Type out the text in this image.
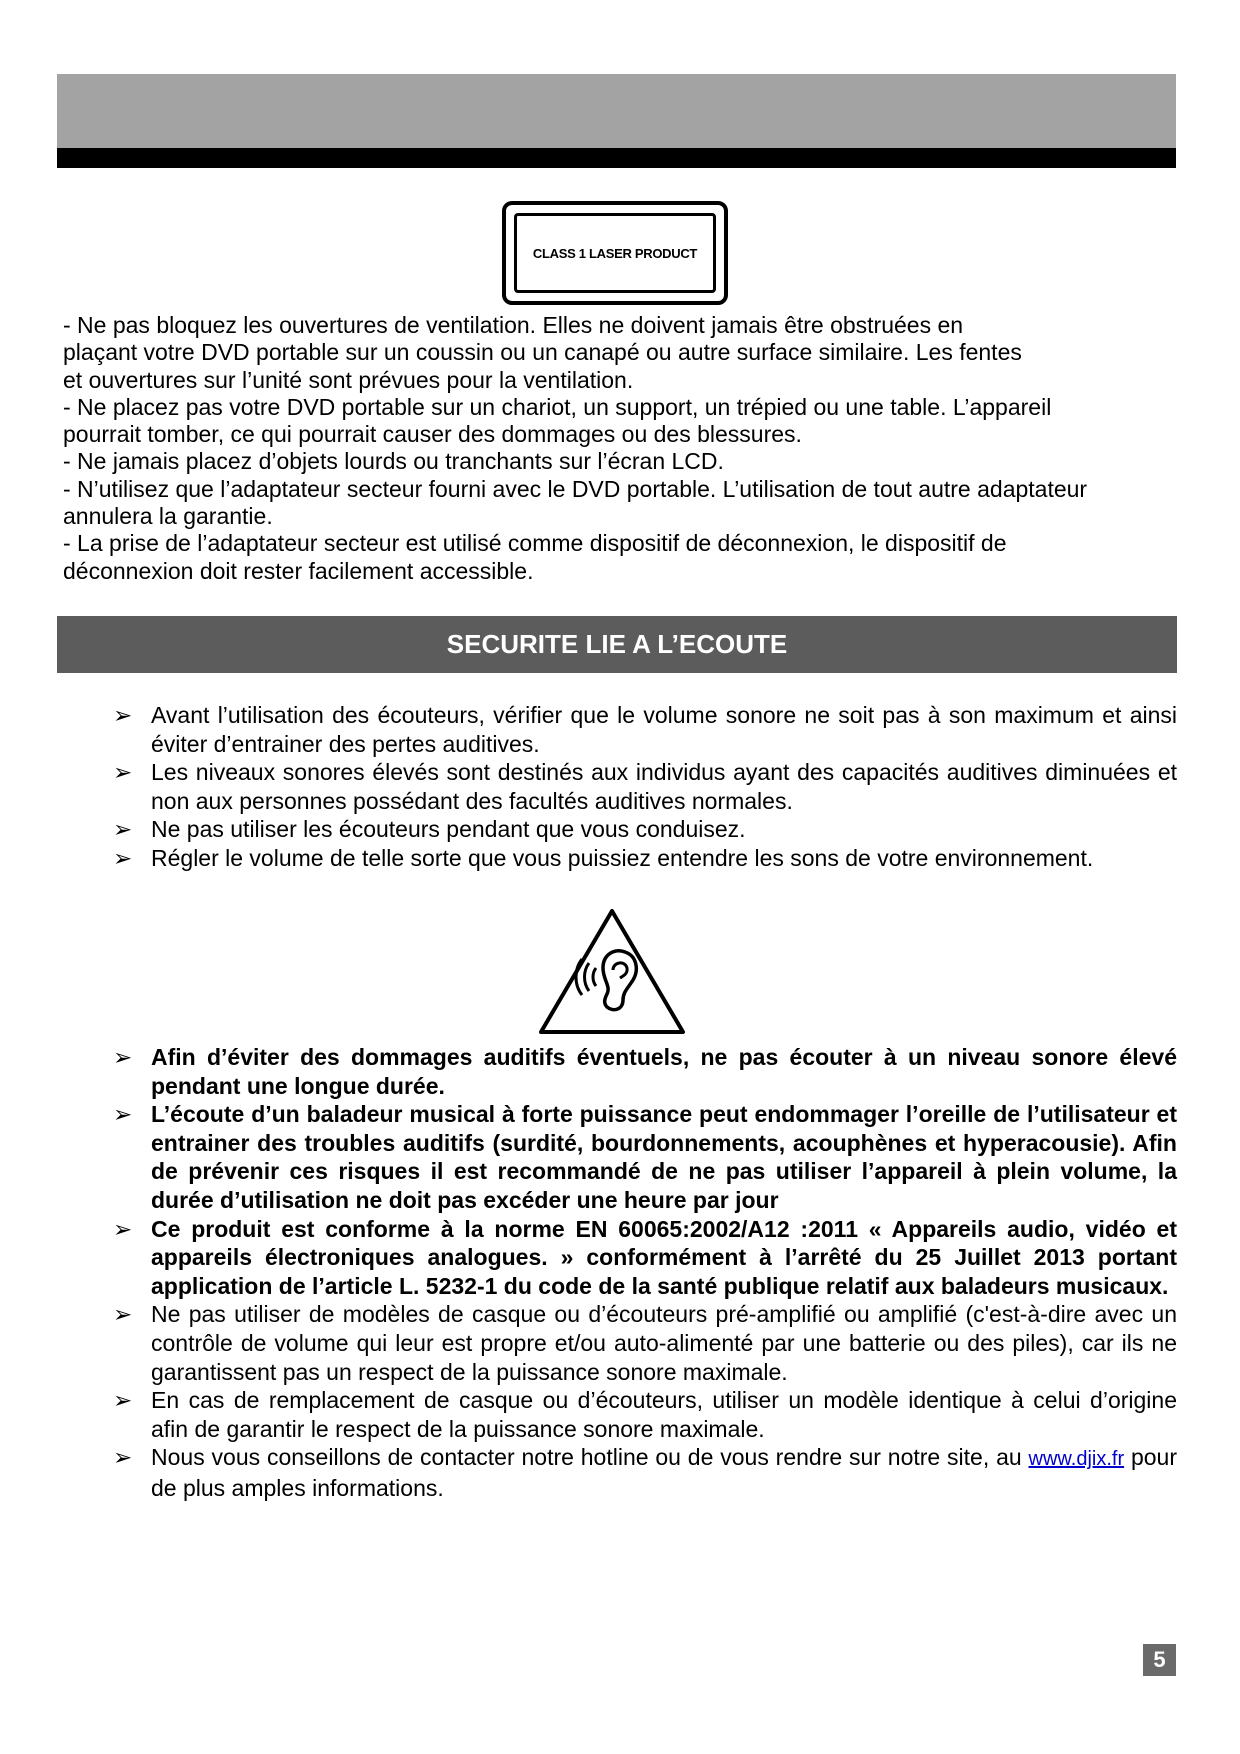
CLASS 1 LASER PRODUCT

- Ne pas bloquez les ouvertures de ventilation. Elles ne doivent jamais être obstruées en

plaçant votre DVD portable sur un coussin ou un canapé ou autre surface similaire. Les fentes

et ouvertures sur l’unité sont prévues pour la ventilation.

- Ne placez pas votre DVD portable sur un chariot, un support, un trépied ou une table. L’appareil

pourrait tomber, ce qui pourrait causer des dommages ou des blessures.

- Ne jamais placez d’objets lourds ou tranchants sur l’écran LCD.

- N’utilisez que l’adaptateur secteur fourni avec le DVD portable. L’utilisation de tout autre adaptateur

annulera la garantie.

- La prise de l’adaptateur secteur est utilisé comme dispositif de déconnexion, le dispositif de

déconnexion doit rester facilement accessible.

SECURITE LIE A L’ECOUTE
➢ Avant l’utilisation des écouteurs, vérifier que le volume sonore ne soit pas à son maximum et ainsi éviter d’entrainer des pertes auditives.
➢ Les niveaux sonores élevés sont destinés aux individus ayant des capacités auditives diminuées et non aux personnes possédant des facultés auditives normales.
➢ Ne pas utiliser les écouteurs pendant que vous conduisez.
➢ Régler le volume de telle sorte que vous puissiez entendre les sons de votre environnement.
➢ Afin d’éviter des dommages auditifs éventuels, ne pas écouter à un niveau sonore élevé pendant une longue durée.
➢ L’écoute d’un baladeur musical à forte puissance peut endommager l’oreille de l’utilisateur et entrainer des troubles auditifs (surdité, bourdonnements, acouphènes et hyperacousie). Afin de prévenir ces risques il est recommandé de ne pas utiliser l’appareil à plein volume, la durée d’utilisation ne doit pas excéder une heure par jour
➢ Ce produit est conforme à la norme EN 60065:2002/A12 :2011 « Appareils audio, vidéo et appareils électroniques analogues. » conformément à l’arrêté du 25 Juillet 2013 portant application de l’article L. 5232-1 du code de la santé publique relatif aux baladeurs musicaux.
➢ Ne pas utiliser de modèles de casque ou d’écouteurs pré-amplifié ou amplifié (c'est-à-dire avec un contrôle de volume qui leur est propre et/ou auto-alimenté par une batterie ou des piles), car ils ne garantissent pas un respect de la puissance sonore maximale.
➢ En cas de remplacement de casque ou d’écouteurs, utiliser un modèle identique à celui d’origine afin de garantir le respect de la puissance sonore maximale.
➢ Nous vous conseillons de contacter notre hotline ou de vous rendre sur notre site, au www.djix.fr pour de plus amples informations.
5
